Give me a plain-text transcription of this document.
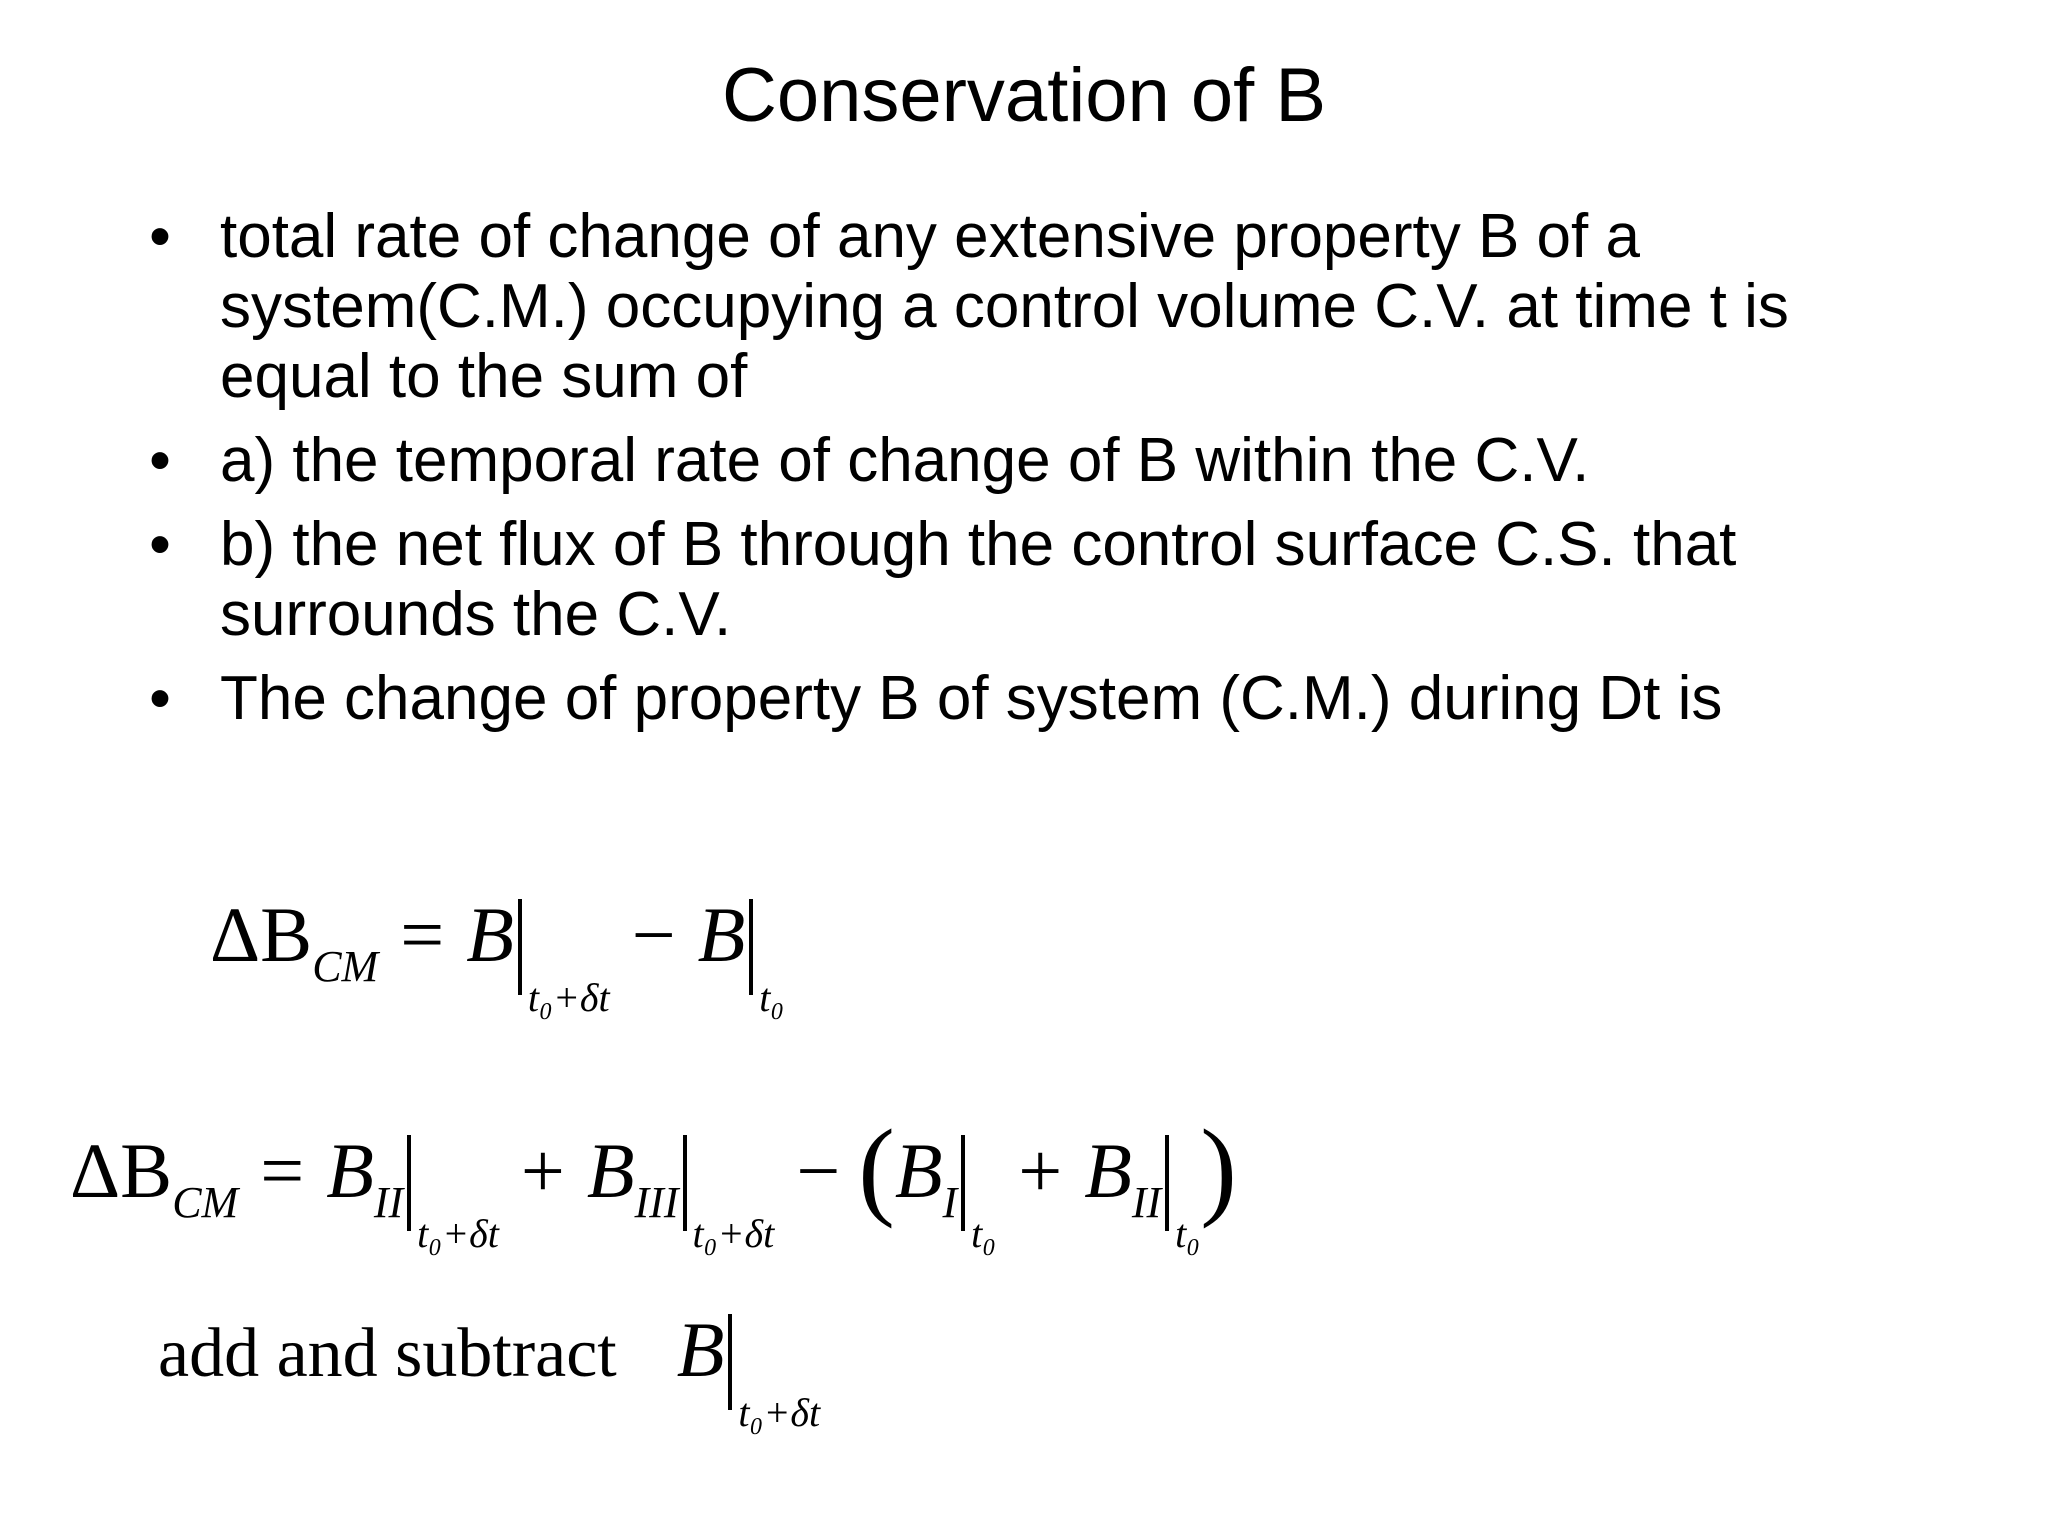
Conservation of B
• total rate of change of any extensive property B of a system(C.M.) occupying a control volume C.V. at time t is equal to the sum of
• a) the temporal rate of change of B within the C.V.
• b) the net flux of B through the control surface C.S. that surrounds the C.V.
• The change of property B of system (C.M.) during Dt is
ΔBCM = Bt₀+δt − Bt₀
ΔBCM = BIIt₀+δt + BIIIt₀+δt − (BIt₀ + BIIt₀)
add and subtract Bt₀+δt
